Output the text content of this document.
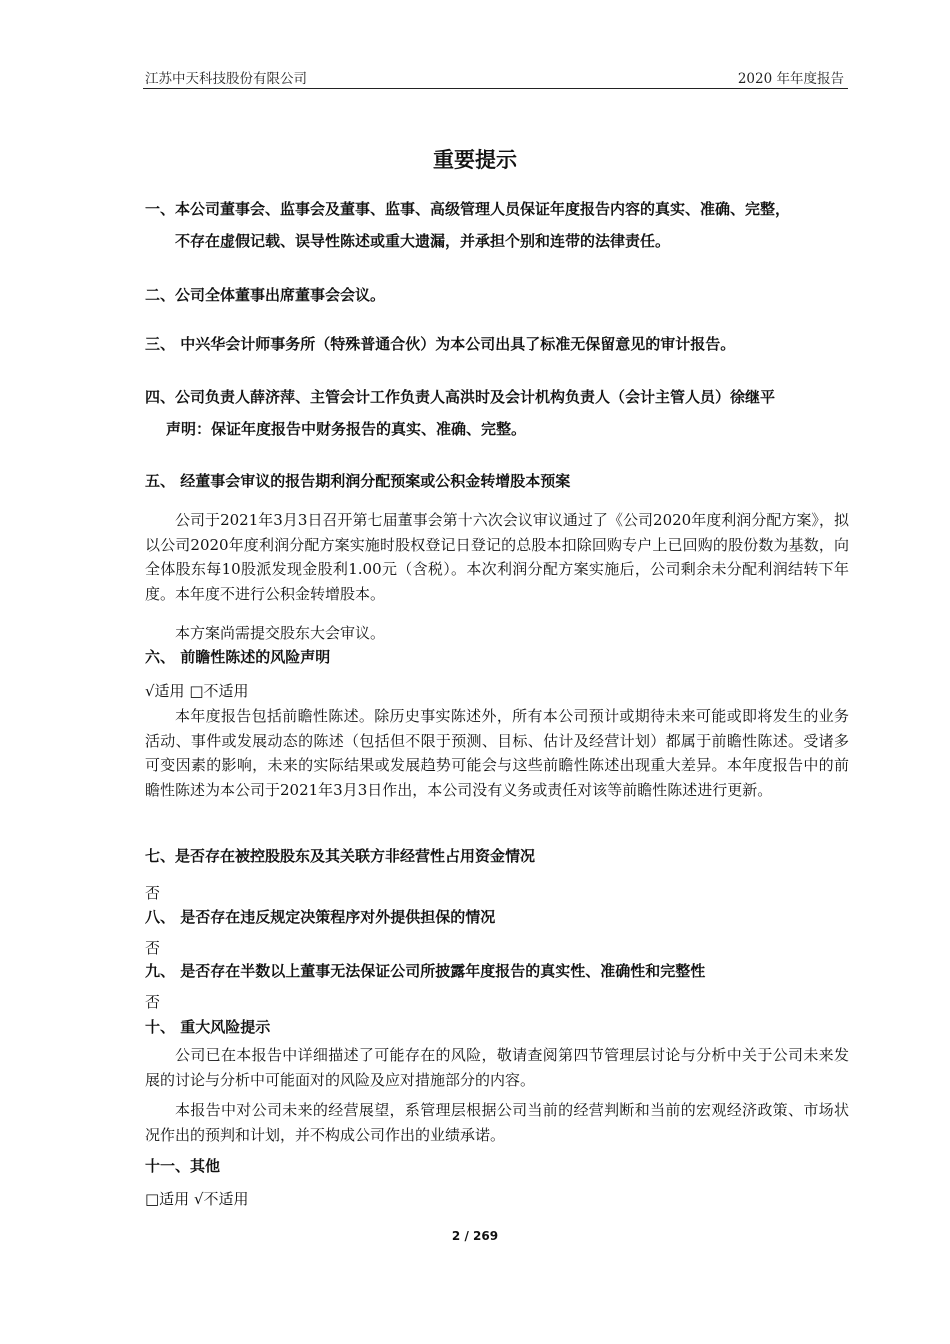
江苏中天科技股份有限公司	2020 年年度报告
重要提示
一、本公司董事会、监事会及董事、监事、高级管理人员保证年度报告内容的真实、准确、完整，
不存在虚假记载、误导性陈述或重大遗漏，并承担个别和连带的法律责任。
二、公司全体董事出席董事会会议。
三、 中兴华会计师事务所（特殊普通合伙）为本公司出具了标准无保留意见的审计报告。
四、公司负责人薛济萍、主管会计工作负责人高洪时及会计机构负责人（会计主管人员）徐继平
声明：保证年度报告中财务报告的真实、准确、完整。
五、 经董事会审议的报告期利润分配预案或公积金转增股本预案
公司于2021年3月3日召开第七届董事会第十六次会议审议通过了《公司2020年度利润分配方案》，拟以公司2020年度利润分配方案实施时股权登记日登记的总股本扣除回购专户上已回购的股份数为基数，向全体股东每10股派发现金股利1.00元（含税）。本次利润分配方案实施后，公司剩余未分配利润结转下年度。本年度不进行公积金转增股本。
本方案尚需提交股东大会审议。
六、 前瞻性陈述的风险声明
√适用 □不适用
本年度报告包括前瞻性陈述。除历史事实陈述外，所有本公司预计或期待未来可能或即将发生的业务活动、事件或发展动态的陈述（包括但不限于预测、目标、估计及经营计划）都属于前瞻性陈述。受诸多可变因素的影响，未来的实际结果或发展趋势可能会与这些前瞻性陈述出现重大差异。本年度报告中的前瞻性陈述为本公司于2021年3月3日作出，本公司没有义务或责任对该等前瞻性陈述进行更新。
七、是否存在被控股股东及其关联方非经营性占用资金情况
否
八、 是否存在违反规定决策程序对外提供担保的情况
否
九、 是否存在半数以上董事无法保证公司所披露年度报告的真实性、准确性和完整性
否
十、 重大风险提示
公司已在本报告中详细描述了可能存在的风险，敬请查阅第四节管理层讨论与分析中关于公司未来发展的讨论与分析中可能面对的风险及应对措施部分的内容。
本报告中对公司未来的经营展望，系管理层根据公司当前的经营判断和当前的宏观经济政策、市场状况作出的预判和计划，并不构成公司作出的业绩承诺。
十一、其他
□适用 √不适用
2 / 269
